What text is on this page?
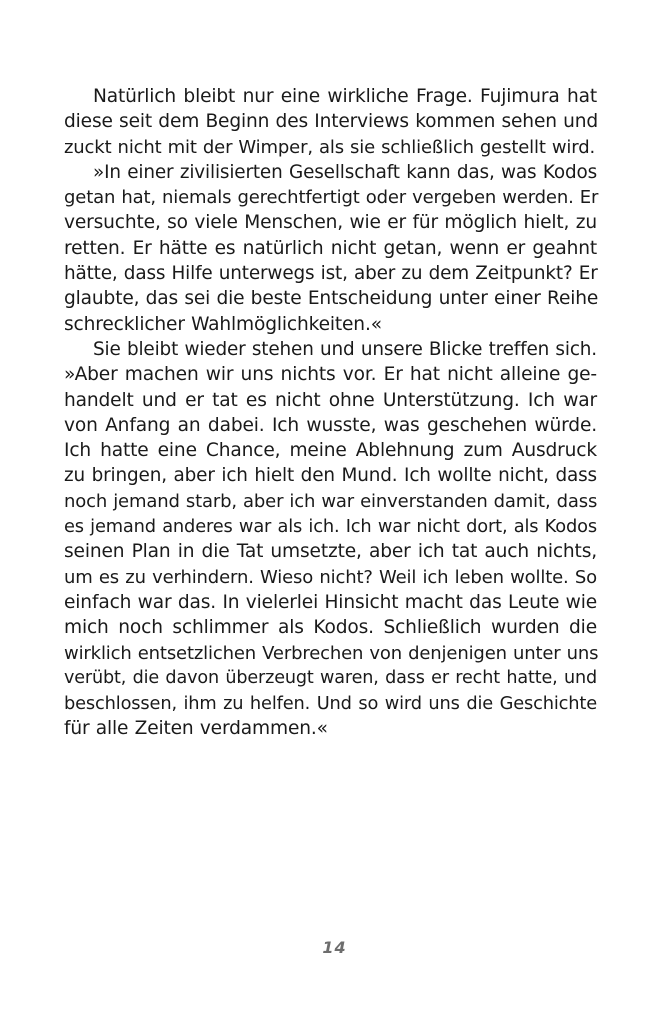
Natürlich bleibt nur eine wirkliche Frage. Fujimura hat
diese seit dem Beginn des Interviews kommen sehen und
zuckt nicht mit der Wimper, als sie schließlich gestellt wird.
»In einer zivilisierten Gesellschaft kann das, was Kodos
getan hat, niemals gerechtfertigt oder vergeben werden. Er
versuchte, so viele Menschen, wie er für möglich hielt, zu
retten. Er hätte es natürlich nicht getan, wenn er geahnt
hätte, dass Hilfe unterwegs ist, aber zu dem Zeitpunkt? Er
glaubte, das sei die beste Entscheidung unter einer Reihe
schrecklicher Wahlmöglichkeiten.«
Sie bleibt wieder stehen und unsere Blicke treffen sich.
»Aber machen wir uns nichts vor. Er hat nicht alleine ge-
handelt und er tat es nicht ohne Unterstützung. Ich war
von Anfang an dabei. Ich wusste, was geschehen würde.
Ich hatte eine Chance, meine Ablehnung zum Ausdruck
zu bringen, aber ich hielt den Mund. Ich wollte nicht, dass
noch jemand starb, aber ich war einverstanden damit, dass
es jemand anderes war als ich. Ich war nicht dort, als Kodos
seinen Plan in die Tat umsetzte, aber ich tat auch nichts,
um es zu verhindern. Wieso nicht? Weil ich leben wollte. So
einfach war das. In vielerlei Hinsicht macht das Leute wie
mich noch schlimmer als Kodos. Schließlich wurden die
wirklich entsetzlichen Verbrechen von denjenigen unter uns
verübt, die davon überzeugt waren, dass er recht hatte, und
beschlossen, ihm zu helfen. Und so wird uns die Geschichte
für alle Zeiten verdammen.«
14
